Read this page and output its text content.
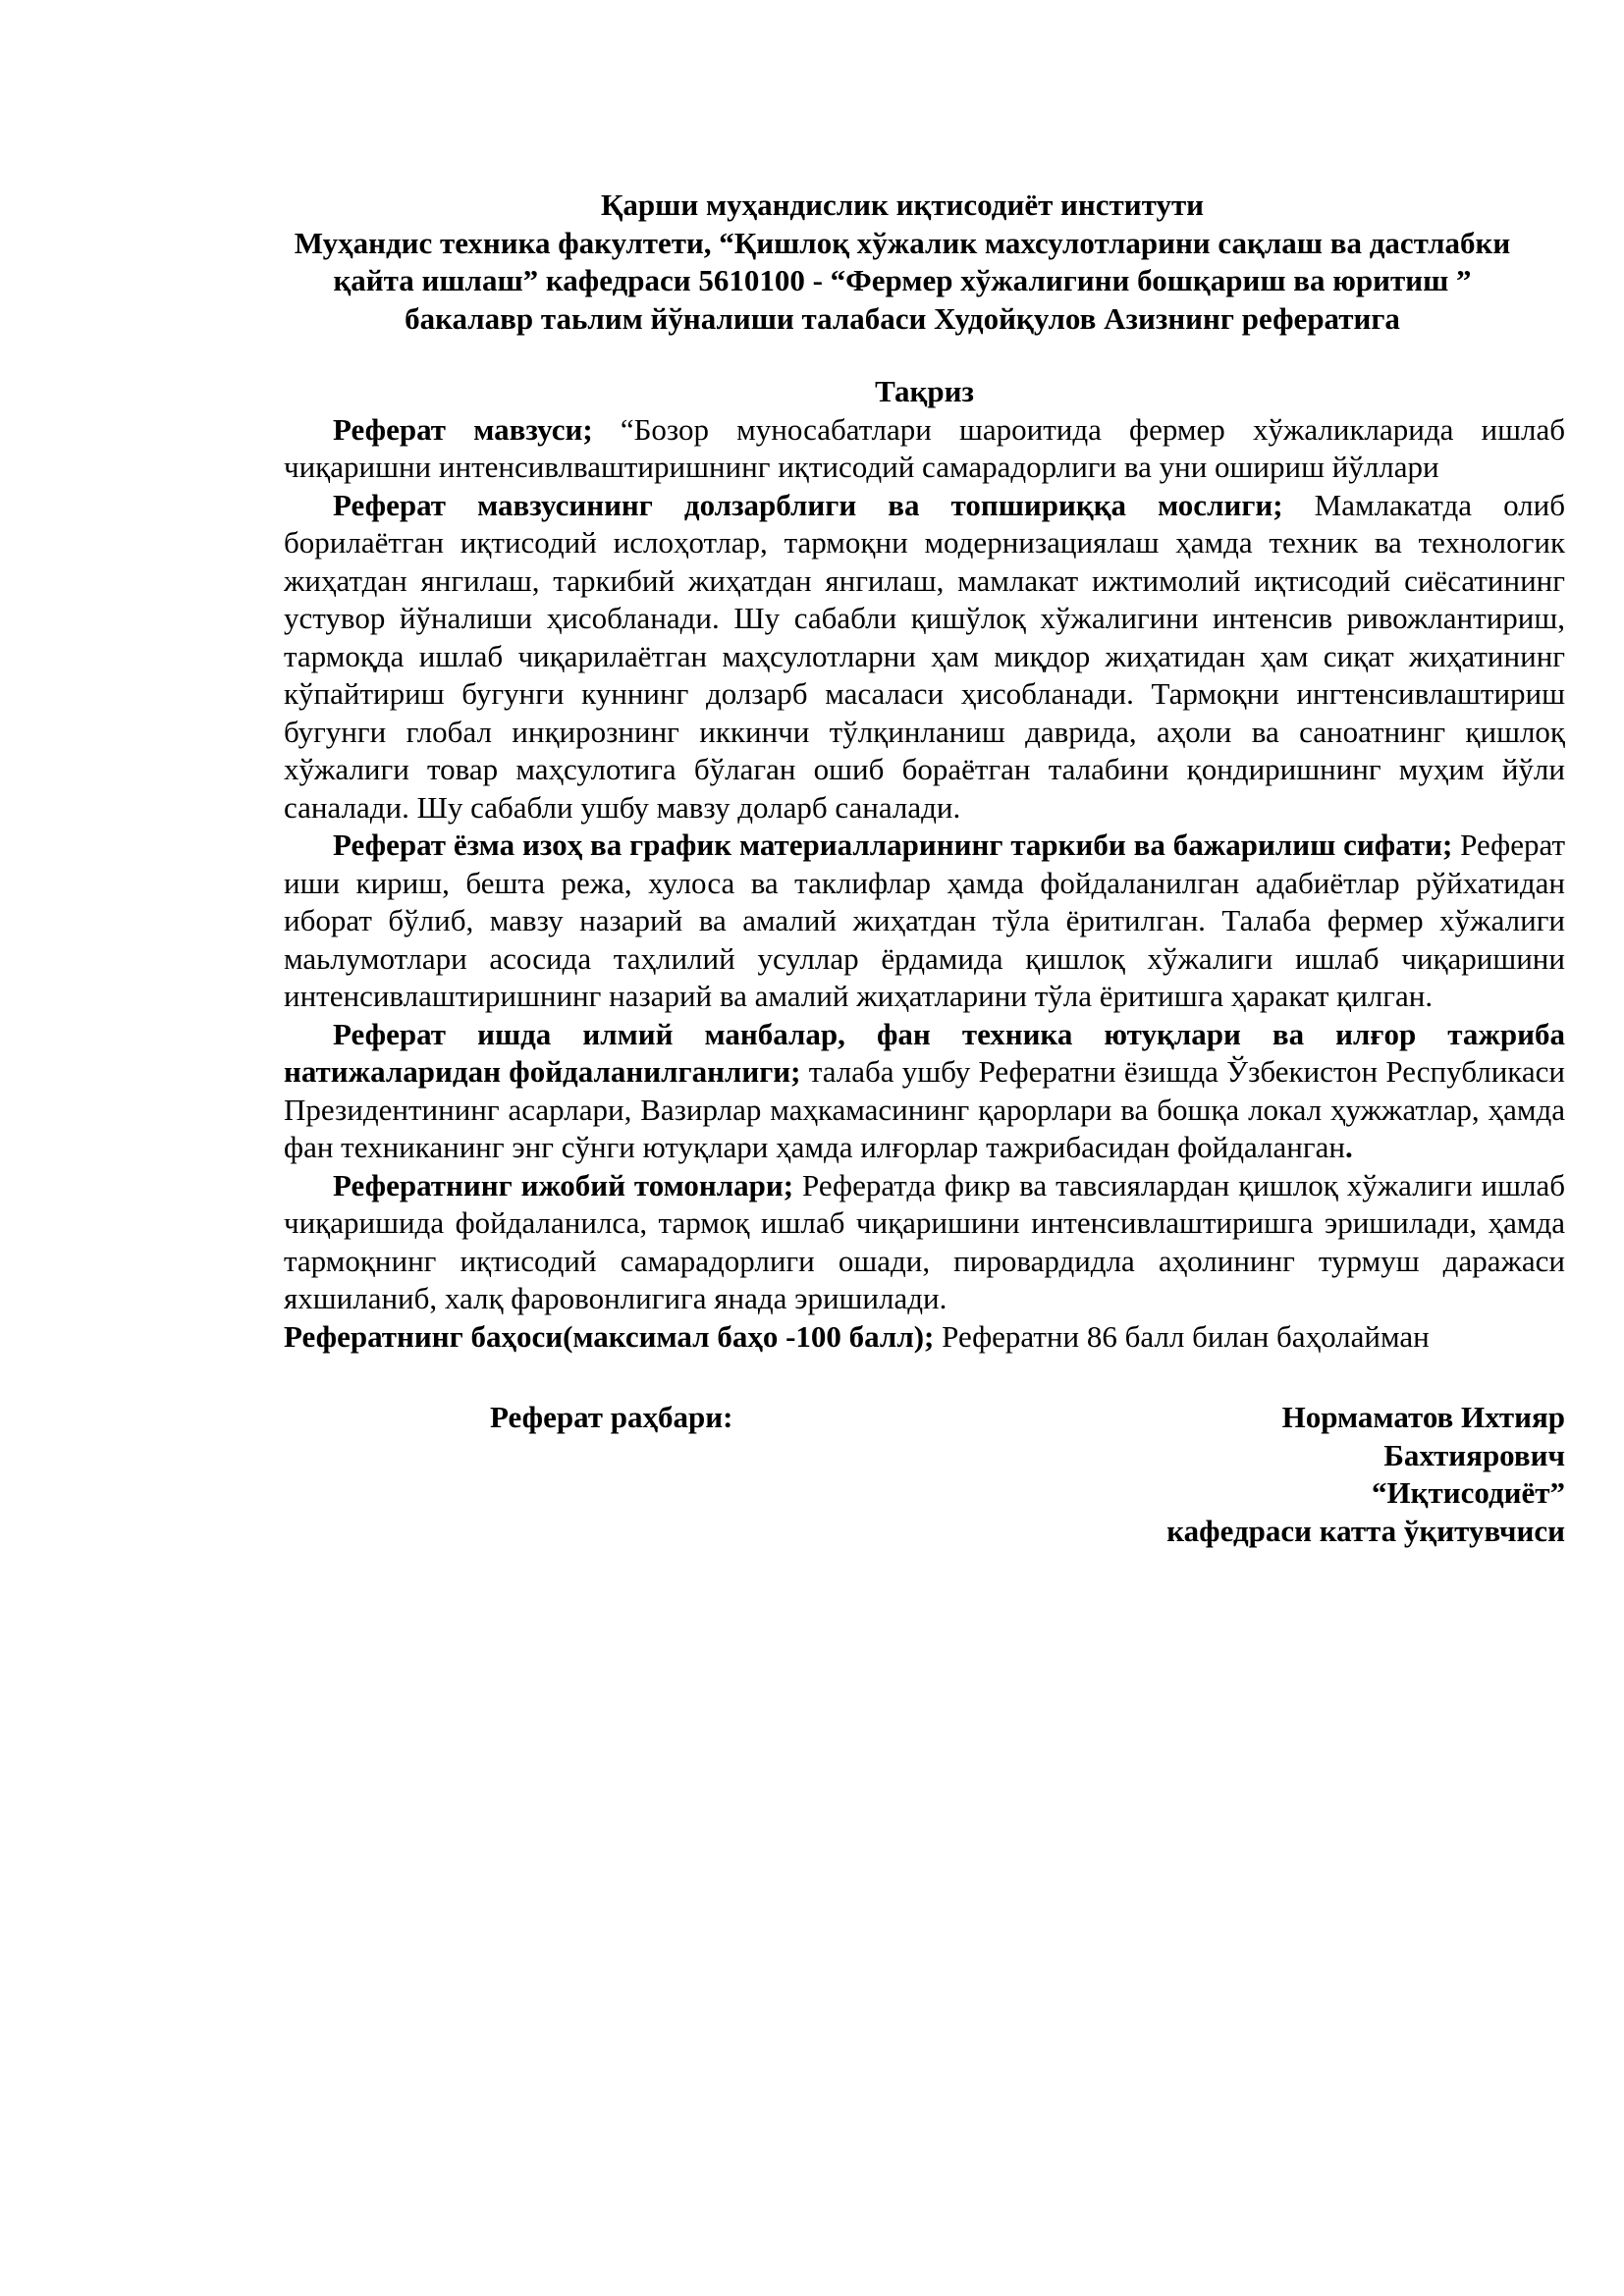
Қарши муҳандислик иқтисодиёт институти
Муҳандис техника факултети, “Қишлоқ хўжалик махсулотларини сақлаш ва дастлабки
қайта ишлаш” кафедраси 5610100 - “Фермер хўжалигини бошқариш ва юритиш ”
бакалавр таьлим йўналиши талабаси Худойқулов Азизнинг рефератига
Тақриз

Реферат мавзуси; “Бозор муносабатлари шароитида фермер хўжаликларида ишлаб чиқаришни интенсивлваштиришнинг иқтисодий самарадорлиги ва уни ошириш йўллари

Реферат мавзусининг долзарблиги ва топшириққа мослиги; Мамлакатда олиб борилаётган иқтисодий ислоҳотлар, тармоқни модернизациялаш ҳамда техник ва технологик жиҳатдан янгилаш, таркибий жиҳатдан янгилаш, мамлакат ижтимолий иқтисодий сиёсатининг устувор йўналиши ҳисобланади. Шу сабабли қишўлоқ хўжалигини интенсив ривожлантириш, тармоқда ишлаб чиқарилаётган маҳсулотларни ҳам миқдор жиҳатидан ҳам сиқат жиҳатининг кўпайтириш бугунги куннинг долзарб масаласи ҳисобланади. Тармоқни ингтенсивлаштириш бугунги глобал инқирознинг иккинчи тўлқинланиш даврида, аҳоли ва саноатнинг қишлоқ хўжалиги товар маҳсулотига бўлаган ошиб бораётган талабини қондиришнинг муҳим йўли саналади. Шу сабабли ушбу мавзу доларб саналади.

Реферат ёзма изоҳ ва график материалларининг таркиби ва бажарилиш сифати; Реферат иши кириш, бешта режа, хулоса ва таклифлар ҳамда фойдаланилган адабиётлар рўйхатидан иборат бўлиб, мавзу назарий ва амалий жиҳатдан тўла ёритилган. Талаба фермер хўжалиги маьлумотлари асосида таҳлилий усуллар ёрдамида қишлоқ хўжалиги ишлаб чиқаришини интенсивлаштиришнинг назарий ва амалий жиҳатларини тўла ёритишга ҳаракат қилган.

Реферат ишда илмий манбалар, фан техника ютуқлари ва илғор тажриба натижаларидан фойдаланилганлиги; талаба ушбу Рефератни ёзишда Ўзбекистон Республикаси Президентининг асарлари, Вазирлар маҳкамасининг қарорлари ва бошқа локал ҳужжатлар, ҳамда фан техниканинг энг сўнги ютуқлари ҳамда илғорлар тажрибасидан фойдаланган.

Рефератнинг ижобий томонлари; Рефератда фикр ва тавсиялардан қишлоқ хўжалиги ишлаб чиқаришида фойдаланилса, тармоқ ишлаб чиқаришини интенсивлаштиришга эришилади, ҳамда тармоқнинг иқтисодий самарадорлиги ошади, пировардидла аҳолининг турмуш даражаси яхшиланиб, халқ фаровонлигига янада эришилади.

Рефератнинг баҳоси(максимал баҳо -100 балл); Рефератни 86 балл билан баҳолайман

Реферат раҳбари:	Нормаматов Ихтияр
Бахтиярович
“Иқтисодиёт”
кафедраси катта ўқитувчиси
